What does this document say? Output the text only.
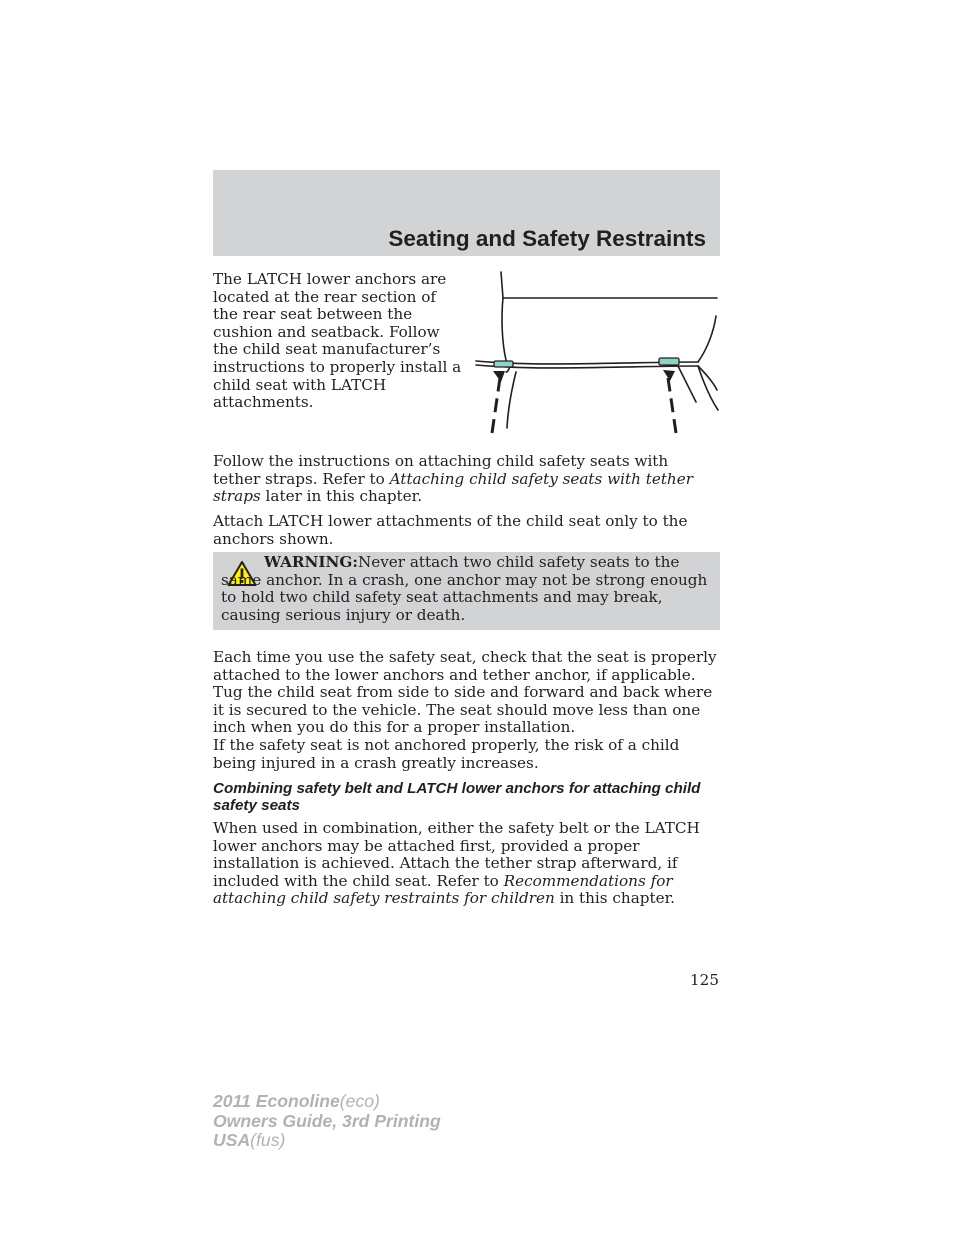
Seating and Safety Restraints

The LATCH lower anchors are located at the rear section of the rear seat between the cushion and seatback. Follow the child seat manufacturer’s instructions to properly install a child seat with LATCH attachments.

Follow the instructions on attaching child safety seats with tether straps. Refer to Attaching child safety seats with tether straps later in this chapter.

Attach LATCH lower attachments of the child seat only to the anchors shown.

WARNING:Never attach two child safety seats to the same anchor. In a crash, one anchor may not be strong enough to hold two child safety seat attachments and may break, causing serious injury or death.

Each time you use the safety seat, check that the seat is properly attached to the lower anchors and tether anchor, if applicable. Tug the child seat from side to side and forward and back where it is secured to the vehicle. The seat should move less than one inch when you do this for a proper installation.

If the safety seat is not anchored properly, the risk of a child being injured in a crash greatly increases.

Combining safety belt and LATCH lower anchors for attaching child safety seats

When used in combination, either the safety belt or the LATCH lower anchors may be attached first, provided a proper installation is achieved. Attach the tether strap afterward, if included with the child seat. Refer to Recommendations for attaching child safety restraints for children in this chapter.

125
2011 Econoline(eco)
Owners Guide, 3rd Printing
USA(fus)
